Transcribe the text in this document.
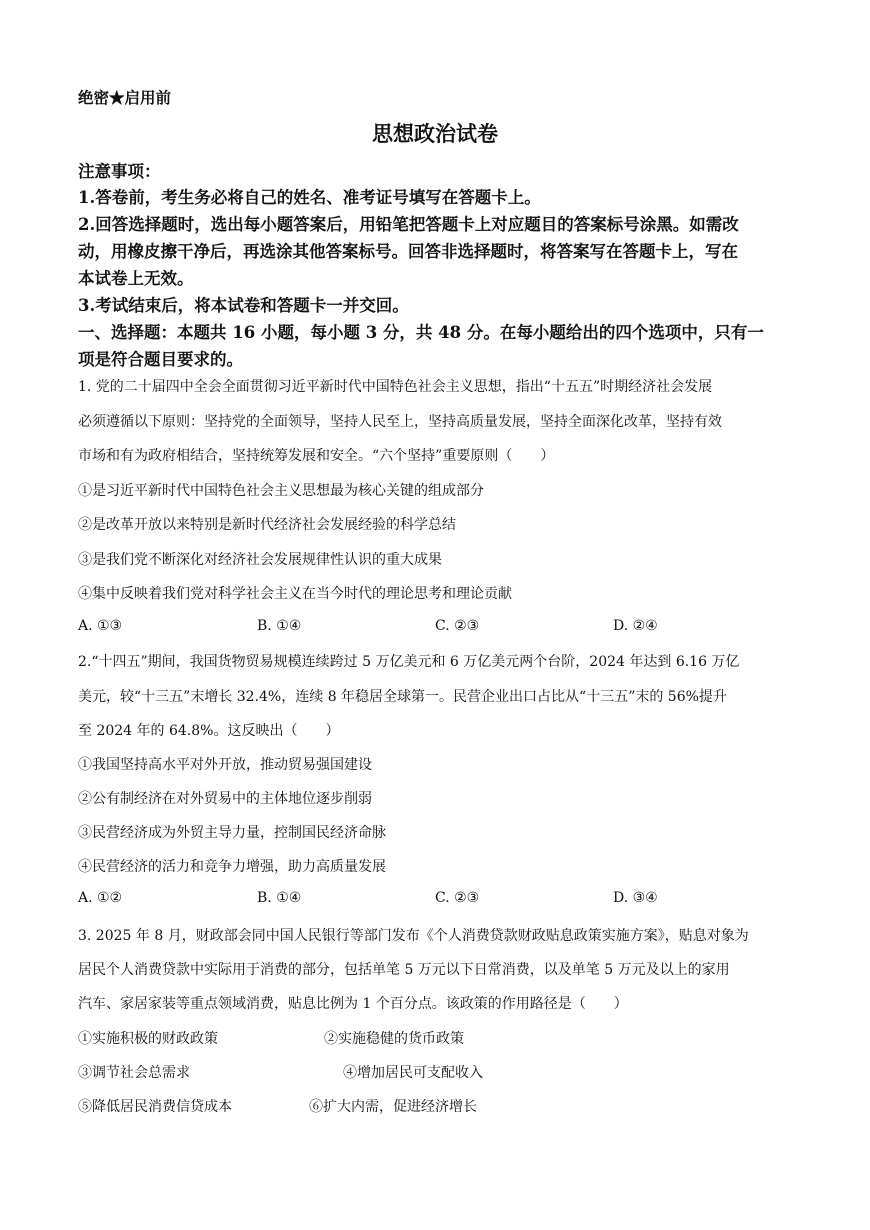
绝密★启用前
思想政治试卷
注意事项：
1.答卷前，考生务必将自己的姓名、准考证号填写在答题卡上。
2.回答选择题时，选出每小题答案后，用铅笔把答题卡上对应题目的答案标号涂黑。如需改
动，用橡皮擦干净后，再选涂其他答案标号。回答非选择题时，将答案写在答题卡上，写在
本试卷上无效。
3.考试结束后，将本试卷和答题卡一并交回。
一、选择题：本题共 16 小题，每小题 3 分，共 48 分。在每小题给出的四个选项中，只有一
项是符合题目要求的。
1. 党的二十届四中全会全面贯彻习近平新时代中国特色社会主义思想，指出“十五五”时期经济社会发展
必须遵循以下原则：坚持党的全面领导，坚持人民至上，坚持高质量发展，坚持全面深化改革，坚持有效
市场和有为政府相结合，坚持统筹发展和安全。“六个坚持”重要原则（　　）
①是习近平新时代中国特色社会主义思想最为核心关键的组成部分
②是改革开放以来特别是新时代经济社会发展经验的科学总结
③是我们党不断深化对经济社会发展规律性认识的重大成果
④集中反映着我们党对科学社会主义在当今时代的理论思考和理论贡献
A. ①③	B. ①④	C. ②③	D. ②④
2.“十四五”期间，我国货物贸易规模连续跨过 5 万亿美元和 6 万亿美元两个台阶，2024 年达到 6.16 万亿
美元，较“十三五”末增长 32.4%，连续 8 年稳居全球第一。民营企业出口占比从“十三五”末的 56%提升
至 2024 年的 64.8%。这反映出（　　）
①我国坚持高水平对外开放，推动贸易强国建设
②公有制经济在对外贸易中的主体地位逐步削弱
③民营经济成为外贸主导力量，控制国民经济命脉
④民营经济的活力和竞争力增强，助力高质量发展
A. ①②	B. ①④	C. ②③	D. ③④
3. 2025 年 8 月，财政部会同中国人民银行等部门发布《个人消费贷款财政贴息政策实施方案》，贴息对象为
居民个人消费贷款中实际用于消费的部分，包括单笔 5 万元以下日常消费，以及单笔 5 万元及以上的家用
汽车、家居家装等重点领域消费，贴息比例为 1 个百分点。该政策的作用路径是（　　）
①实施积极的财政政策	②实施稳健的货币政策
③调节社会总需求	④增加居民可支配收入
⑤降低居民消费信贷成本	⑥扩大内需，促进经济增长
